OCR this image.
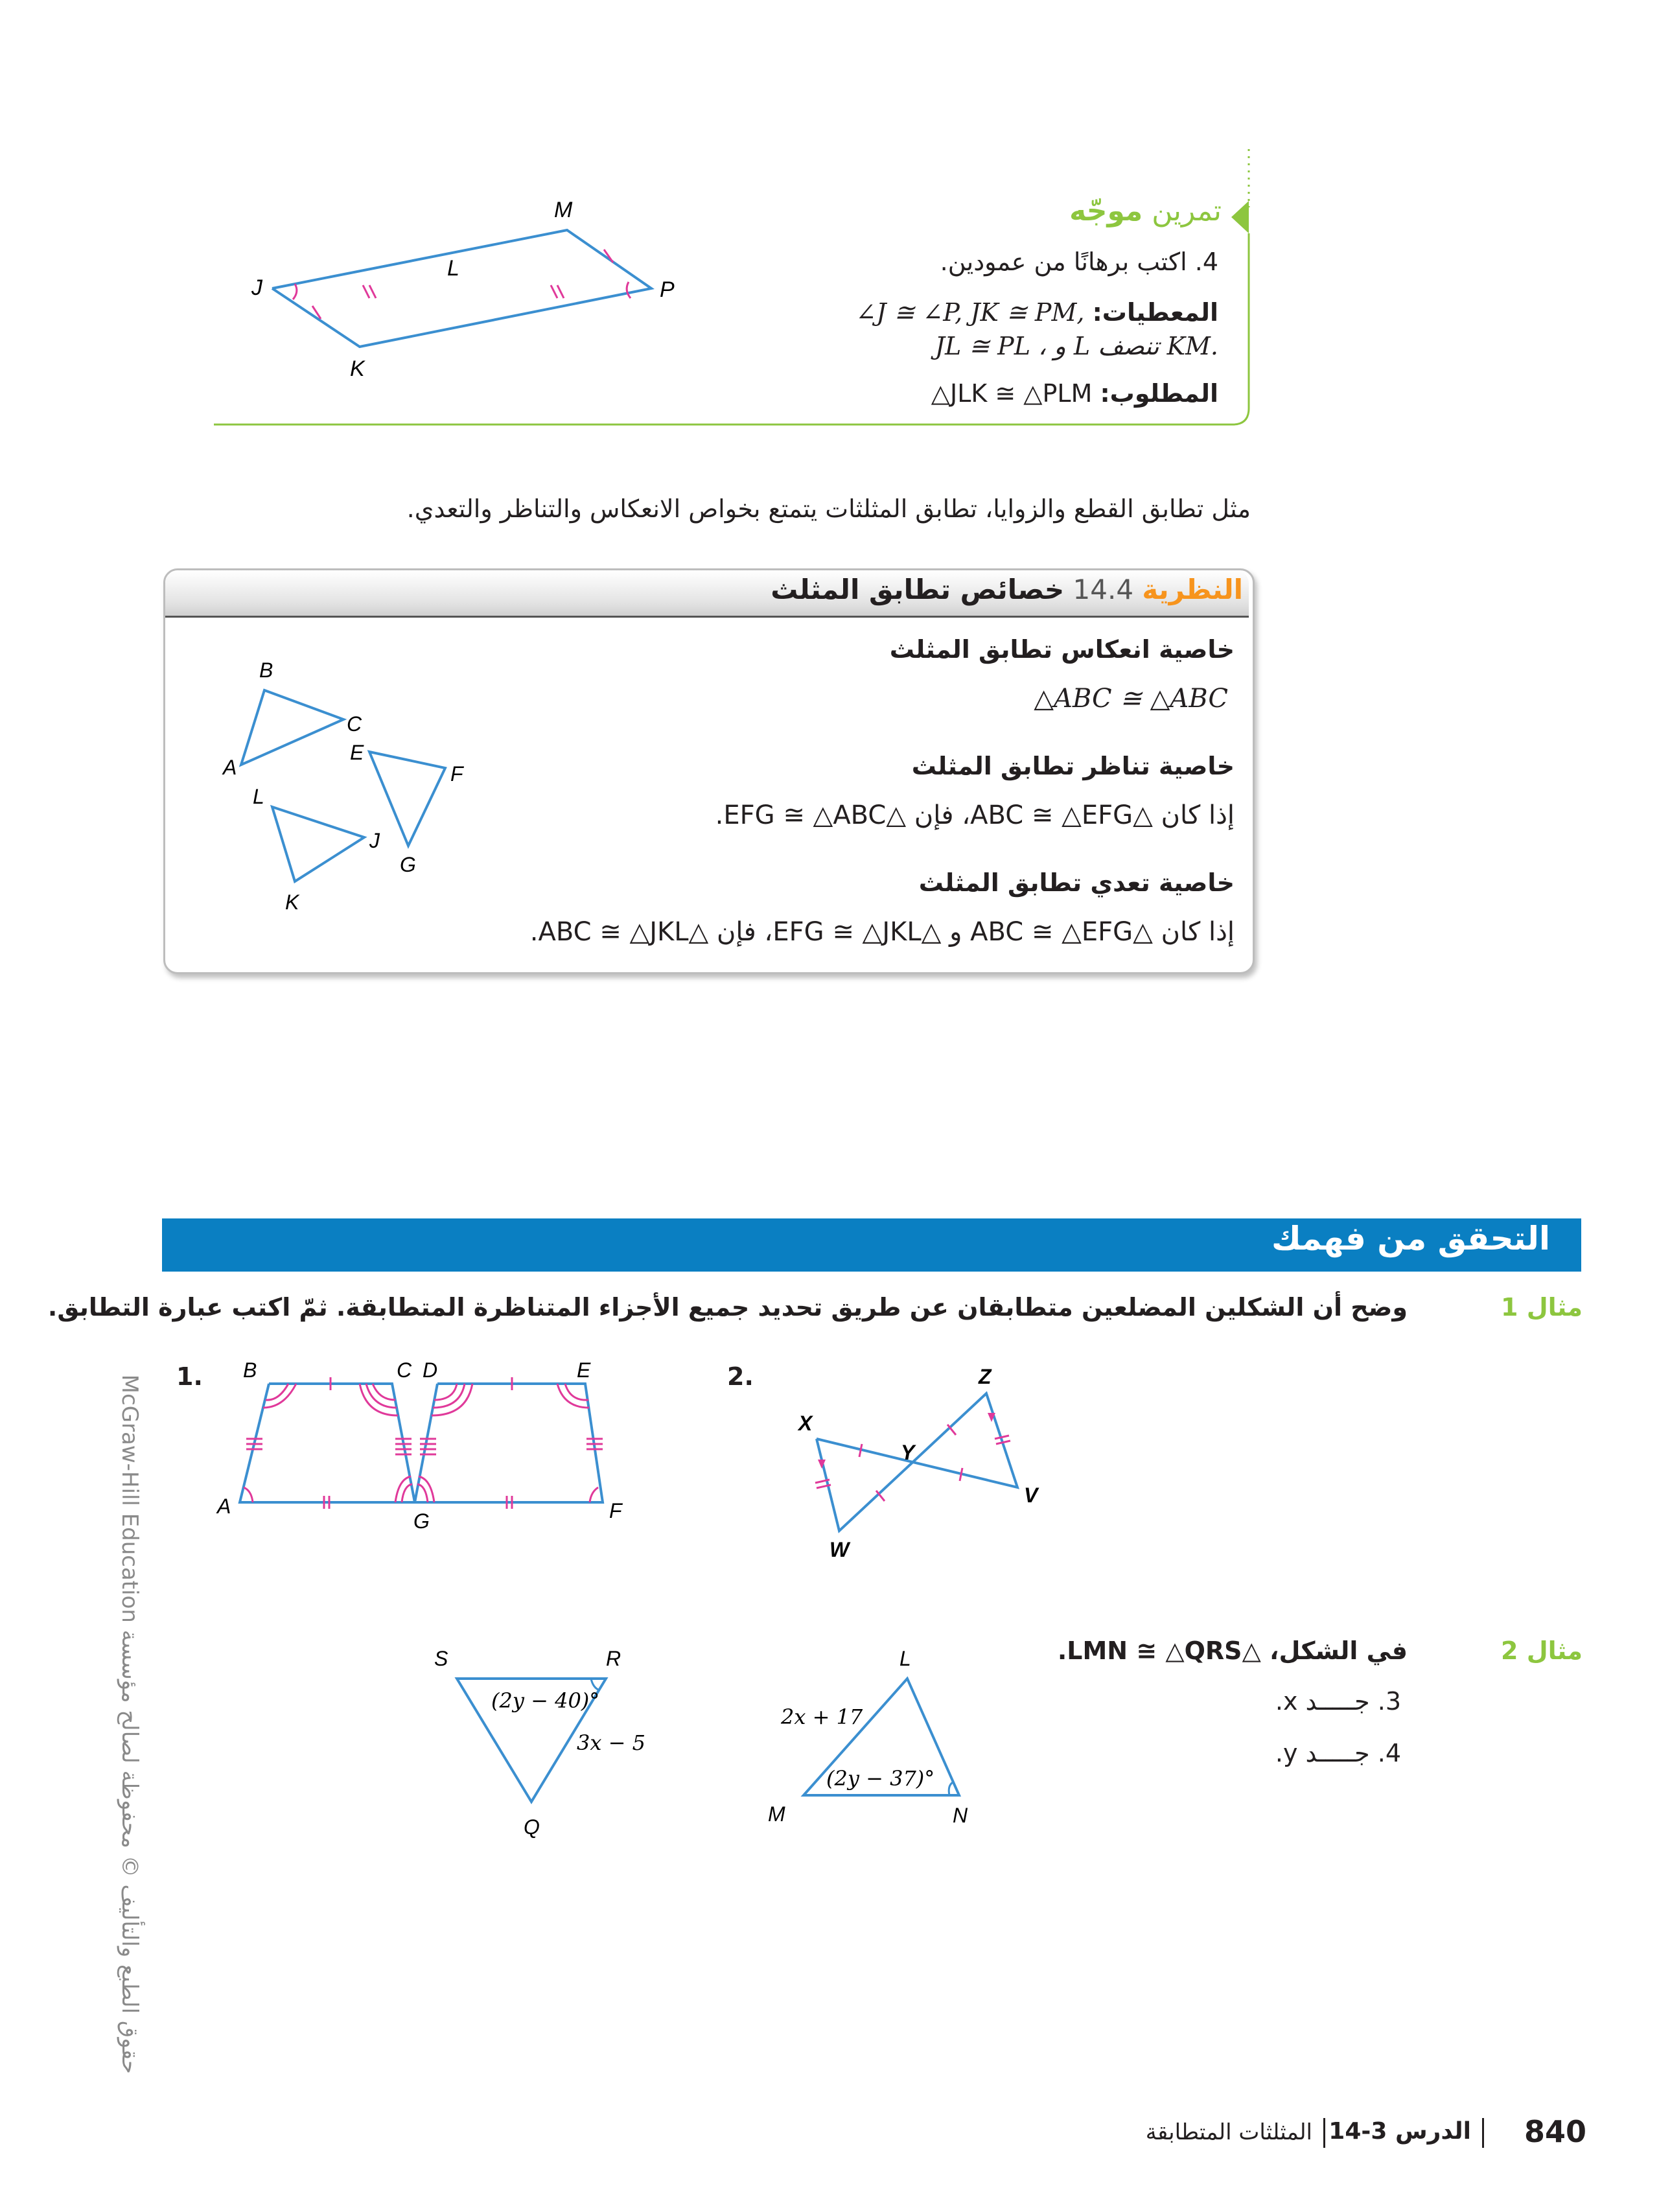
تمرين موجّه
4. اكتب برهانًا من عمودين.
المعطيات: ∠J ≅ ∠P, JK ≅ PM,
JL ≅ PL ، و L تنصف KM.
المطلوب: △JLK ≅ △PLM
J
K
L
M
P
مثل تطابق القطع والزوايا، تطابق المثلثات يتمتع بخواص الانعكاس والتناظر والتعدي.
النظرية 14.4 خصائص تطابق المثلث
خاصية انعكاس تطابق المثلث
△ABC ≅ △ABC
خاصية تناظر تطابق المثلث
إذا كان △ABC ≅ △EFG، فإن △EFG ≅ △ABC.
خاصية تعدي تطابق المثلث
إذا كان △ABC ≅ △EFG و △EFG ≅ △JKL، فإن △ABC ≅ △JKL.
B
C
A
E
F
G
L
J
K
التحقق من فهمك
مثال 1
وضح أن الشكلين المضلعين متطابقان عن طريق تحديد جميع الأجزاء المتناظرة المتطابقة. ثمّ اكتب عبارة التطابق.
1.	2.
B	C D	E
A	F
G
X
Y
Z
V
W
مثال 2
في الشكل، △LMN ≅ △QRS.
3. جـــــد x.
4. جـــــد y.
S	R
Q
(2y − 40)°
3x − 5
L
M	N
2x + 17
(2y − 37)°
840
الدرس 3-14
المثلثات المتطابقة
حقوق الطبع والتأليف © محفوظة لصالح مؤسسة McGraw-Hill Education
